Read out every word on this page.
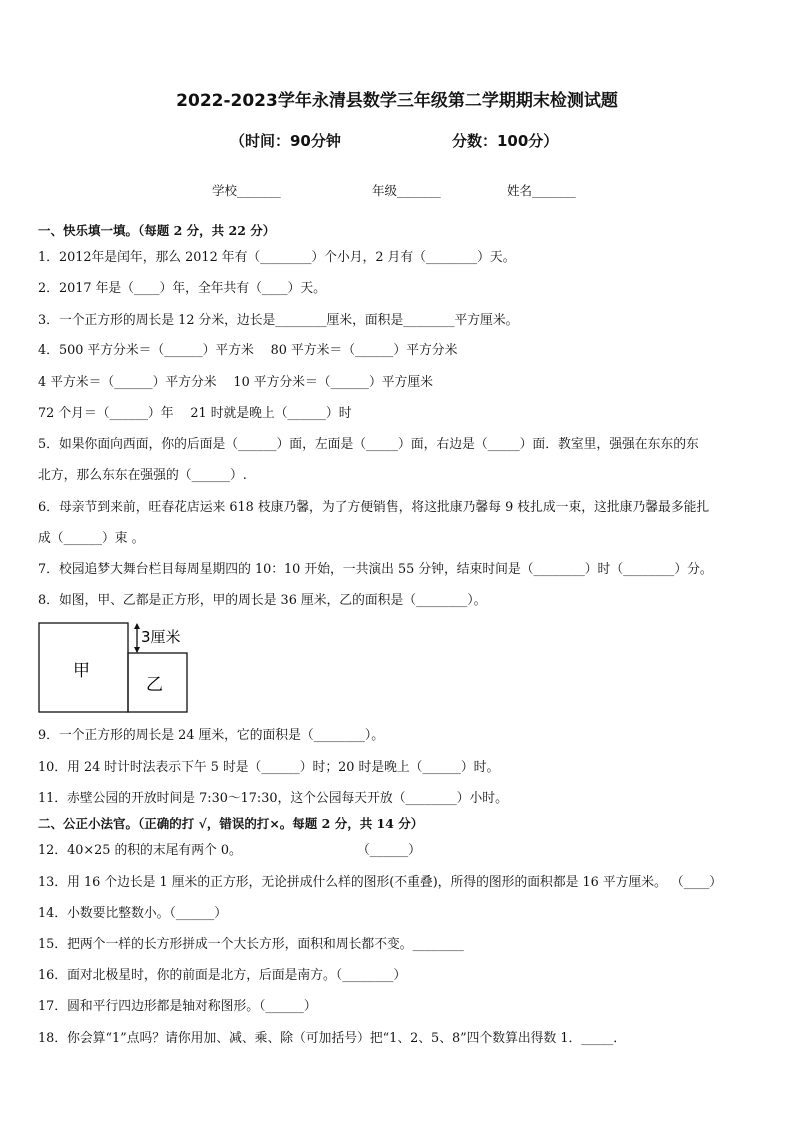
2022-2023学年永清县数学三年级第二学期期末检测试题
（时间：90分钟	分数：100分）
学校_______	年级_______	姓名_______
一、快乐填一填。（每题 2 分，共 22 分）
1．2012年是闰年，那么 2012 年有（________）个小月，2 月有（________）天。
2．2017 年是（____）年，全年共有（____）天。
3．一个正方形的周长是 12 分米，边长是________厘米，面积是________平方厘米。
4．500 平方分米＝（______）平方米　 80 平方米＝（______）平方分米
4 平方米＝（______）平方分米　 10 平方分米＝（______）平方厘米
72 个月＝（______）年　 21 时就是晚上（______）时
5．如果你面向西面，你的后面是（______）面，左面是（_____）面，右边是（_____）面．教室里，强强在东东的东
北方，那么东东在强强的（______）.
6．母亲节到来前，旺春花店运来 618 枝康乃馨，为了方便销售，将这批康乃馨每 9 枝扎成一束，这批康乃馨最多能扎
成（______）束 。
7．校园追梦大舞台栏目每周星期四的 10：10 开始，一共演出 55 分钟，结束时间是（________）时（________）分。
8．如图，甲、乙都是正方形，甲的周长是 36 厘米，乙的面积是（________）。
3厘米
甲
乙
9．一个正方形的周长是 24 厘米，它的面积是（________）。
10．用 24 时计时法表示下午 5 时是（______）时；20 时是晚上（______）时。
11．赤壁公园的开放时间是 7:30～17:30，这个公园每天开放（________）小时。
二、公正小法官。（正确的打 √，错误的打×。每题 2 分，共 14 分）
12．40×25 的积的末尾有两个 0。　　　　　　　　　　（______）
13．用 16 个边长是 1 厘米的正方形，无论拼成什么样的图形(不重叠)，所得的图形的面积都是 16 平方厘米。 （____）
14．小数要比整数小。（______）
15．把两个一样的长方形拼成一个大长方形，面积和周长都不变。________
16．面对北极星时，你的前面是北方，后面是南方。（________）
17．圆和平行四边形都是轴对称图形。（______）
18．你会算“1”点吗？请你用加、减、乘、除（可加括号）把“1、2、5、8”四个数算出得数 1．_____．
